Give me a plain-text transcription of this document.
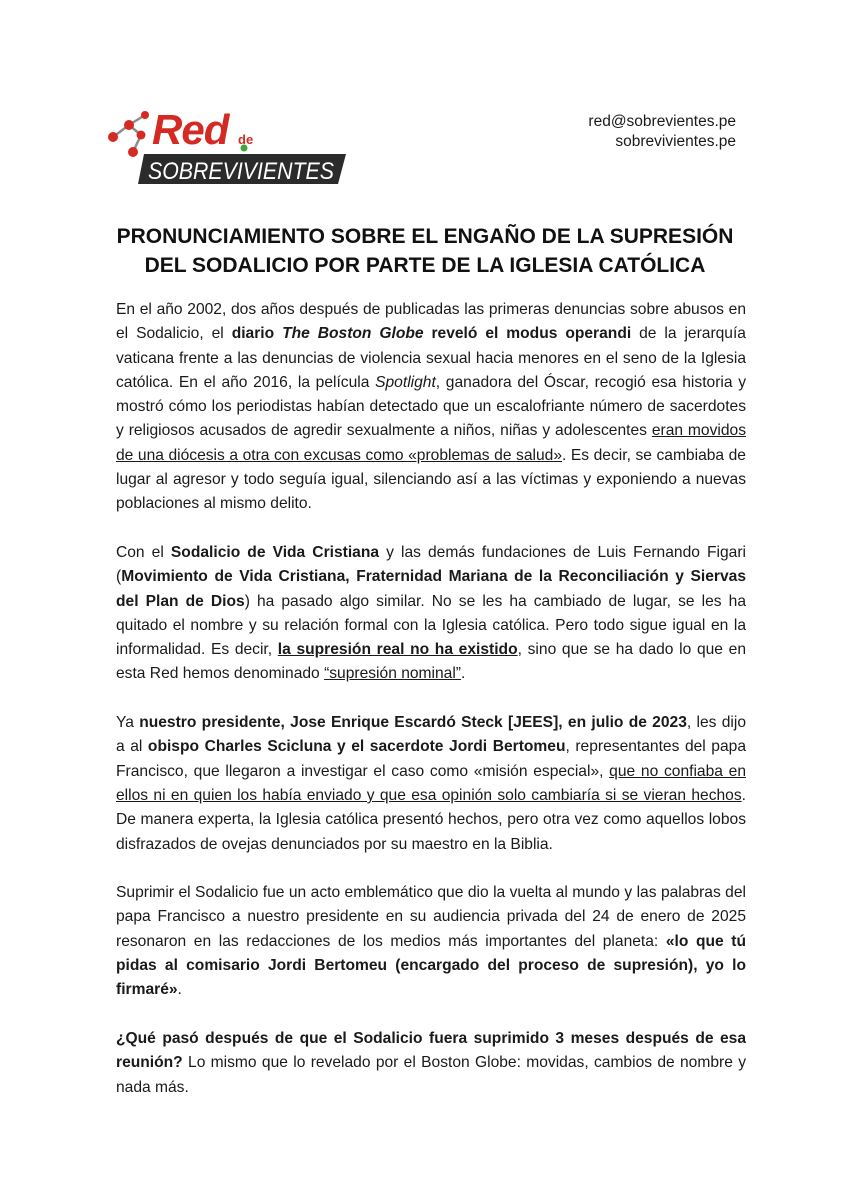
Red de
SOBREVIVIENTES
red@sobrevientes.pe
sobrevivientes.pe
PRONUNCIAMIENTO SOBRE EL ENGAÑO DE LA SUPRESIÓN
DEL SODALICIO POR PARTE DE LA IGLESIA CATÓLICA

En el año 2002, dos años después de publicadas las primeras denuncias sobre abusos en el Sodalicio, el diario The Boston Globe reveló el modus operandi de la jerarquía vaticana frente a las denuncias de violencia sexual hacia menores en el seno de la Iglesia católica. En el año 2016, la película Spotlight, ganadora del Óscar, recogió esa historia y mostró cómo los periodistas habían detectado que un escalofriante número de sacerdotes y religiosos acusados de agredir sexualmente a niños, niñas y adolescentes eran movidos de una diócesis a otra con excusas como «problemas de salud». Es decir, se cambiaba de lugar al agresor y todo seguía igual, silenciando así a las víctimas y exponiendo a nuevas poblaciones al mismo delito.

Con el Sodalicio de Vida Cristiana y las demás fundaciones de Luis Fernando Figari (Movimiento de Vida Cristiana, Fraternidad Mariana de la Reconciliación y Siervas del Plan de Dios) ha pasado algo similar. No se les ha cambiado de lugar, se les ha quitado el nombre y su relación formal con la Iglesia católica. Pero todo sigue igual en la informalidad. Es decir, la supresión real no ha existido, sino que se ha dado lo que en esta Red hemos denominado “supresión nominal”.

Ya nuestro presidente, Jose Enrique Escardó Steck [JEES], en julio de 2023, les dijo a al obispo Charles Scicluna y el sacerdote Jordi Bertomeu, representantes del papa Francisco, que llegaron a investigar el caso como «misión especial», que no confiaba en ellos ni en quien los había enviado y que esa opinión solo cambiaría si se vieran hechos. De manera experta, la Iglesia católica presentó hechos, pero otra vez como aquellos lobos disfrazados de ovejas denunciados por su maestro en la Biblia.

Suprimir el Sodalicio fue un acto emblemático que dio la vuelta al mundo y las palabras del papa Francisco a nuestro presidente en su audiencia privada del 24 de enero de 2025 resonaron en las redacciones de los medios más importantes del planeta: «lo que tú pidas al comisario Jordi Bertomeu (encargado del proceso de supresión), yo lo firmaré».

¿Qué pasó después de que el Sodalicio fuera suprimido 3 meses después de esa reunión? Lo mismo que lo revelado por el Boston Globe: movidas, cambios de nombre y nada más.
